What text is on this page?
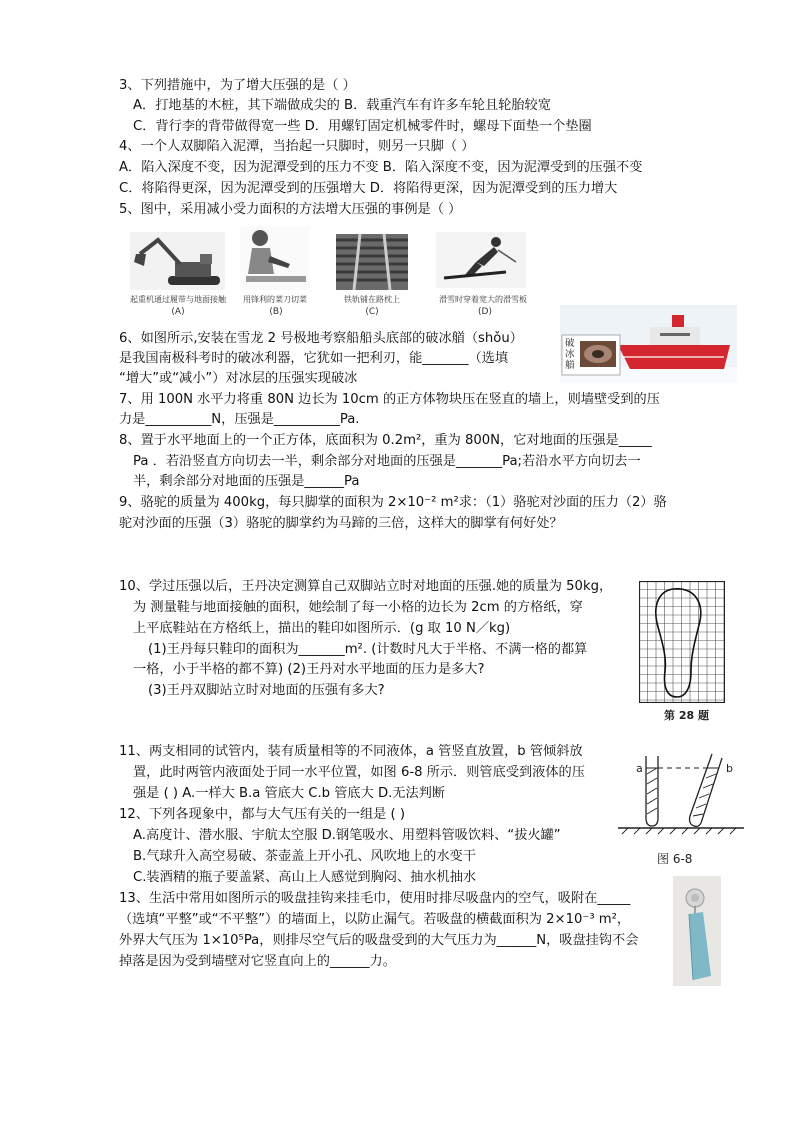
3、下列措施中，为了增大压强的是（ ）
A．打地基的木桩，其下端做成尖的 B．载重汽车有许多车轮且轮胎较宽
C．背行李的背带做得宽一些 D．用螺钉固定机械零件时，螺母下面垫一个垫圈
4、一个人双脚陷入泥潭，当抬起一只脚时，则另一只脚（ ）
A．陷入深度不变，因为泥潭受到的压力不变 B．陷入深度不变，因为泥潭受到的压强不变
C．将陷得更深，因为泥潭受到的压强增大 D．将陷得更深，因为泥潭受到的压力增大
5、图中，采用减小受力面积的方法增大压强的事例是（ ）
起重机通过履带与地面接触
(A)
用锋利的菜刀切菜
(B)
铁轨铺在路枕上
(C)
滑雪时穿着宽大的滑雪板
(D)
6、如图所示,安装在雪龙 2 号极地考察船船头底部的破冰艏（shǒu）
是我国南极科考时的破冰利器，它犹如一把利刃，能_______（选填
“增大”或“减小”）对冰层的压强实现破冰
破冰艏
7、用 100N 水平力将重 80N 边长为 10cm 的正方体物块压在竖直的墙上，则墙壁受到的压
力是__________N，压强是__________Pa.
8、置于水平地面上的一个正方体，底面积为 0.2m²，重为 800N，它对地面的压强是_____
Pa ．若沿竖直方向切去一半，剩余部分对地面的压强是_______Pa;若沿水平方向切去一
半，剩余部分对地面的压强是______Pa
9、骆驼的质量为 400kg，每只脚掌的面积为 2×10⁻² m²求：（1）骆驼对沙面的压力（2）骆
驼对沙面的压强（3）骆驼的脚掌约为马蹄的三倍，这样大的脚掌有何好处？
10、学过压强以后，王丹决定测算自己双脚站立时对地面的压强.她的质量为 50kg，
为 测量鞋与地面接触的面积，她绘制了每一小格的边长为 2cm 的方格纸，穿
上平底鞋站在方格纸上，描出的鞋印如图所示．(g 取 10 N／kg)
(1)王丹每只鞋印的面积为_______m². (计数时凡大于半格、不满一格的都算
一格，小于半格的都不算) (2)王丹对水平地面的压力是多大?
(3)王丹双脚站立时对地面的压强有多大?
第 28 题
11、两支相同的试管内，装有质量相等的不同液体，a 管竖直放置，b 管倾斜放
置，此时两管内液面处于同一水平位置，如图 6-8 所示．则管底受到液体的压
强是 ( ) A.一样大 B.a 管底大 C.b 管底大 D.无法判断
a	b
图 6-8
12、下列各现象中，都与大气压有关的一组是 ( )
A.高度计、潜水服、宇航太空服 D.钢笔吸水、用塑料管吸饮料、“拔火罐”
B.气球升入高空易破、茶壶盖上开小孔、风吹地上的水变干
C.装酒精的瓶子要盖紧、高山上人感觉到胸闷、抽水机抽水
13、生活中常用如图所示的吸盘挂钩来挂毛巾，使用时排尽吸盘内的空气，吸附在_____
（选填“平整”或“不平整”）的墙面上，以防止漏气。若吸盘的横截面积为 2×10⁻³ m²，
外界大气压为 1×10⁵Pa，则排尽空气后的吸盘受到的大气压力为______N，吸盘挂钩不会
掉落是因为受到墙壁对它竖直向上的______力。
